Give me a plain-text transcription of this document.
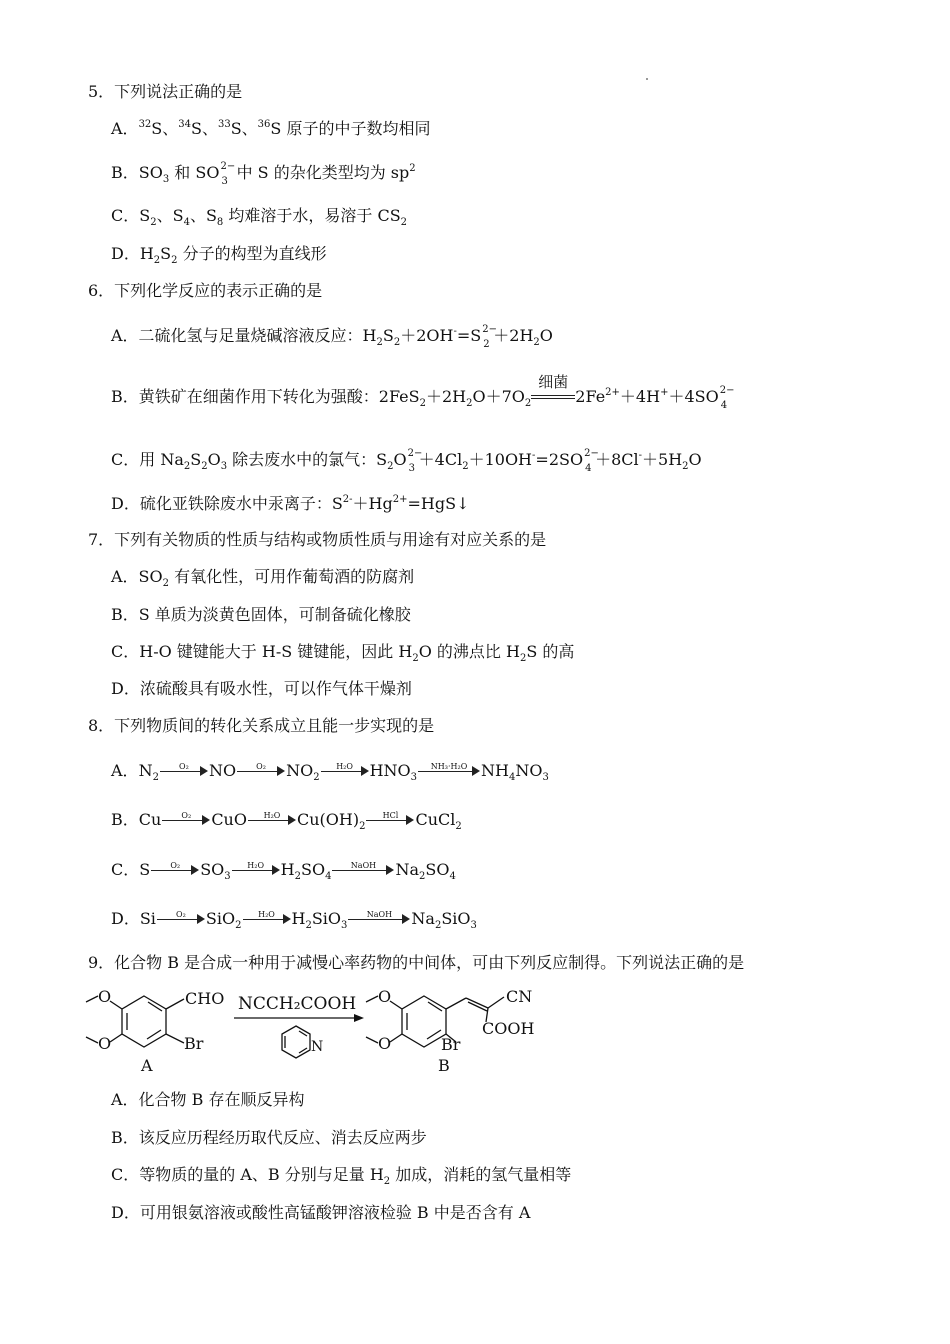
5．下列说法正确的是
A．$^{32}$S、$^{34}$S、$^{33}$S、$^{36}$S 原子的中子数均相同
B．$SO_3$ 和 SO 2−
3 中 S 的杂化类型均为 $sp^2$
C．$S_2$、$S_4$、$S_8$ 均难溶于水，易溶于 $CS_2$
D．$H_2S_2$ 分子的构型为直线形
6．下列化学反应的表示正确的是
A．二硫化氢与足量烧碱溶液反应：$H_2S_2+2OH^-=S$ 2−
$2 +2H_2O$
B．黄铁矿在细菌作用下转化为强酸：$2FeS_2+2H_2O+7O_2$
细菌
$2Fe^{2+}+4H^++4SO$ 2−
4
C．用 $Na_2S_2O_3$ 除去废水中的氯气：$S_2O$ 2−
$3 +4Cl_2+10OH^-=2SO$ 2−
$4 +8Cl^-+5H_2O$
D．硫化亚铁除废水中汞离子：$S^{2-}+Hg^{2+}=HgS↓$
7．下列有关物质的性质与结构或物质性质与用途有对应关系的是
A．$SO_2$ 有氧化性，可用作葡萄酒的防腐剂
B．S 单质为淡黄色固体，可制备硫化橡胶
C．H-O 键键能大于 H-S 键键能，因此 $H_2O$ 的沸点比 $H_2S$ 的高
D．浓硫酸具有吸水性，可以作气体干燥剂
8．下列物质间的转化关系成立且能一步实现的是
A．$N_2$
O₂	NO	O₂	$NO_2$
H₂O	$HNO_3$
NH₃·H₂O $NH_4NO_3$
B．Cu	O₂	CuO	H₂O	$Cu(OH)_2$
HCl	CuCl$_2$
C．S	O₂	$SO_3$
H₂O	$H_2SO_4$
NaOH	$Na_2SO_4$
D．Si	O₂	SiO$_2$
H₂O	$H_2SiO_3$
NaOH	$Na_2SiO_3$
9．化合物 B 是合成一种用于减慢心率药物的中间体，可由下列反应制得。下列说法正确的是
CHO
Br
O
O
A
NCCH₂COOH
N
CN
COOH
Br
O
O
B
A．化合物 B 存在顺反异构
B．该反应历程经历取代反应、消去反应两步
C．等物质的量的 A、B 分别与足量 $H_2$ 加成，消耗的氢气量相等
D．可用银氨溶液或酸性高锰酸钾溶液检验 B 中是否含有 A
